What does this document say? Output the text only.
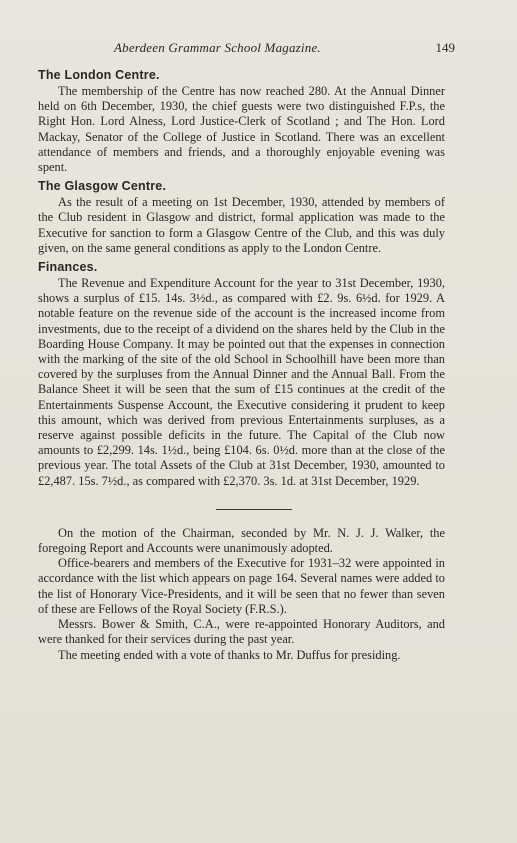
Aberdeen Grammar School Magazine.	149
The London Centre.

The membership of the Centre has now reached 280. At the Annual Dinner held on 6th December, 1930, the chief guests were two distinguished F.P.s, the Right Hon. Lord Alness, Lord Justice-Clerk of Scotland ; and The Hon. Lord Mackay, Senator of the College of Justice in Scotland. There was an excellent attendance of members and friends, and a thoroughly enjoyable evening was spent.

The Glasgow Centre.

As the result of a meeting on 1st December, 1930, attended by members of the Club resident in Glasgow and district, formal application was made to the Executive for sanction to form a Glasgow Centre of the Club, and this was duly given, on the same general conditions as apply to the London Centre.

Finances.

The Revenue and Expenditure Account for the year to 31st December, 1930, shows a surplus of £15. 14s. 3½d., as compared with £2. 9s. 6½d. for 1929. A notable feature on the revenue side of the account is the increased income from investments, due to the receipt of a dividend on the shares held by the Club in the Boarding House Company. It may be pointed out that the expenses in connection with the marking of the site of the old School in Schoolhill have been more than covered by the surpluses from the Annual Dinner and the Annual Ball. From the Balance Sheet it will be seen that the sum of £15 continues at the credit of the Entertainments Suspense Account, the Executive considering it prudent to keep this amount, which was derived from previous Entertainments surpluses, as a reserve against possible deficits in the future. The Capital of the Club now amounts to £2,299. 14s. 1½d., being £104. 6s. 0½d. more than at the close of the previous year. The total Assets of the Club at 31st December, 1930, amounted to £2,487. 15s. 7½d., as compared with £2,370. 3s. 1d. at 31st December, 1929.

On the motion of the Chairman, seconded by Mr. N. J. J. Walker, the foregoing Report and Accounts were unanimously adopted.

Office-bearers and members of the Executive for 1931–32 were appointed in accordance with the list which appears on page 164. Several names were added to the list of Honorary Vice-Presidents, and it will be seen that no fewer than seven of these are Fellows of the Royal Society (F.R.S.).

Messrs. Bower & Smith, C.A., were re-appointed Honorary Auditors, and were thanked for their services during the past year.

The meeting ended with a vote of thanks to Mr. Duffus for presiding.
